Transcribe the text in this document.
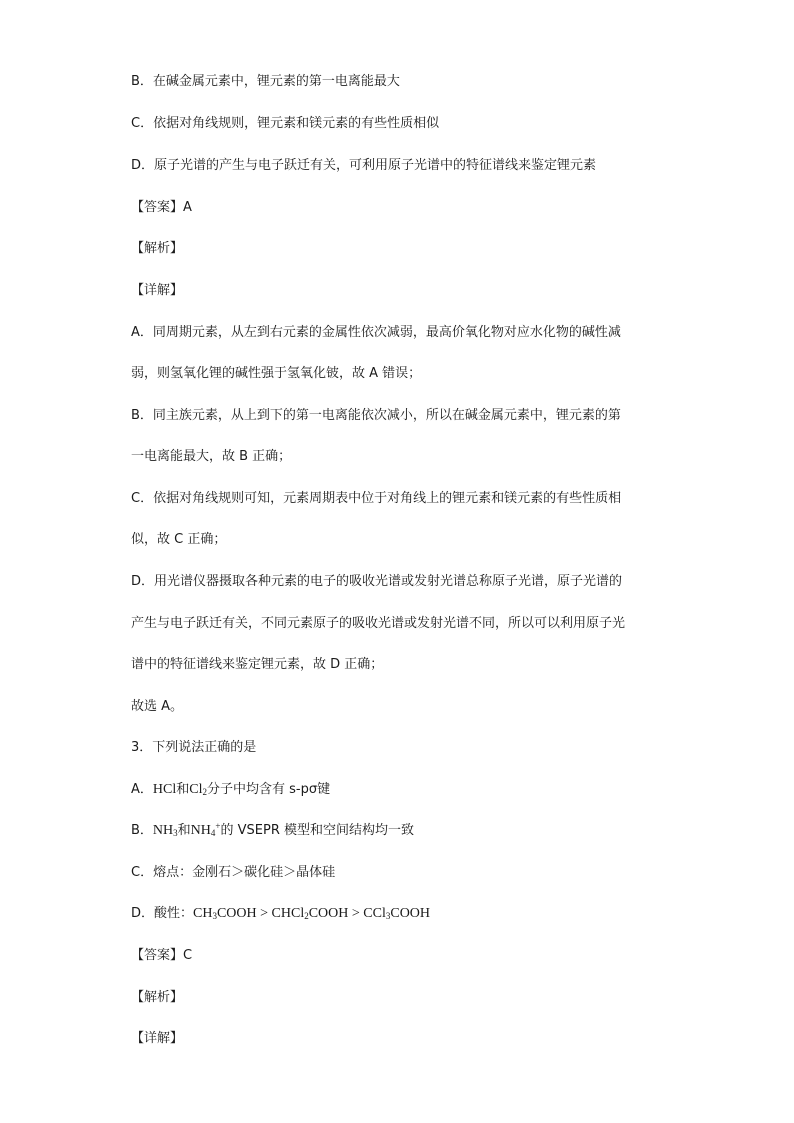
B．在碱金属元素中，锂元素的第一电离能最大
C．依据对角线规则，锂元素和镁元素的有些性质相似
D．原子光谱的产生与电子跃迁有关，可利用原子光谱中的特征谱线来鉴定锂元素
【答案】A
【解析】
【详解】
A．同周期元素，从左到右元素的金属性依次减弱，最高价氧化物对应水化物的碱性减
弱，则氢氧化锂的碱性强于氢氧化铍，故 A 错误；
B．同主族元素，从上到下的第一电离能依次减小，所以在碱金属元素中，锂元素的第
一电离能最大，故 B 正确；
C．依据对角线规则可知，元素周期表中位于对角线上的锂元素和镁元素的有些性质相
似，故 C 正确；
D．用光谱仪器摄取各种元素的电子的吸收光谱或发射光谱总称原子光谱，原子光谱的
产生与电子跃迁有关，不同元素原子的吸收光谱或发射光谱不同，所以可以利用原子光
谱中的特征谱线来鉴定锂元素，故 D 正确；
故选 A。
3．下列说法正确的是
A．HCl和$Cl_2$分子中均含有 s-pσ键
B．$NH_3$和$NH_4^+$的 VSEPR 模型和空间结构均一致
C．熔点：金刚石＞碳化硅＞晶体硅
D．酸性：$CH_3COOH$ > CHCl$_2$COOH > CCl$_3$COOH
【答案】C
【解析】
【详解】
